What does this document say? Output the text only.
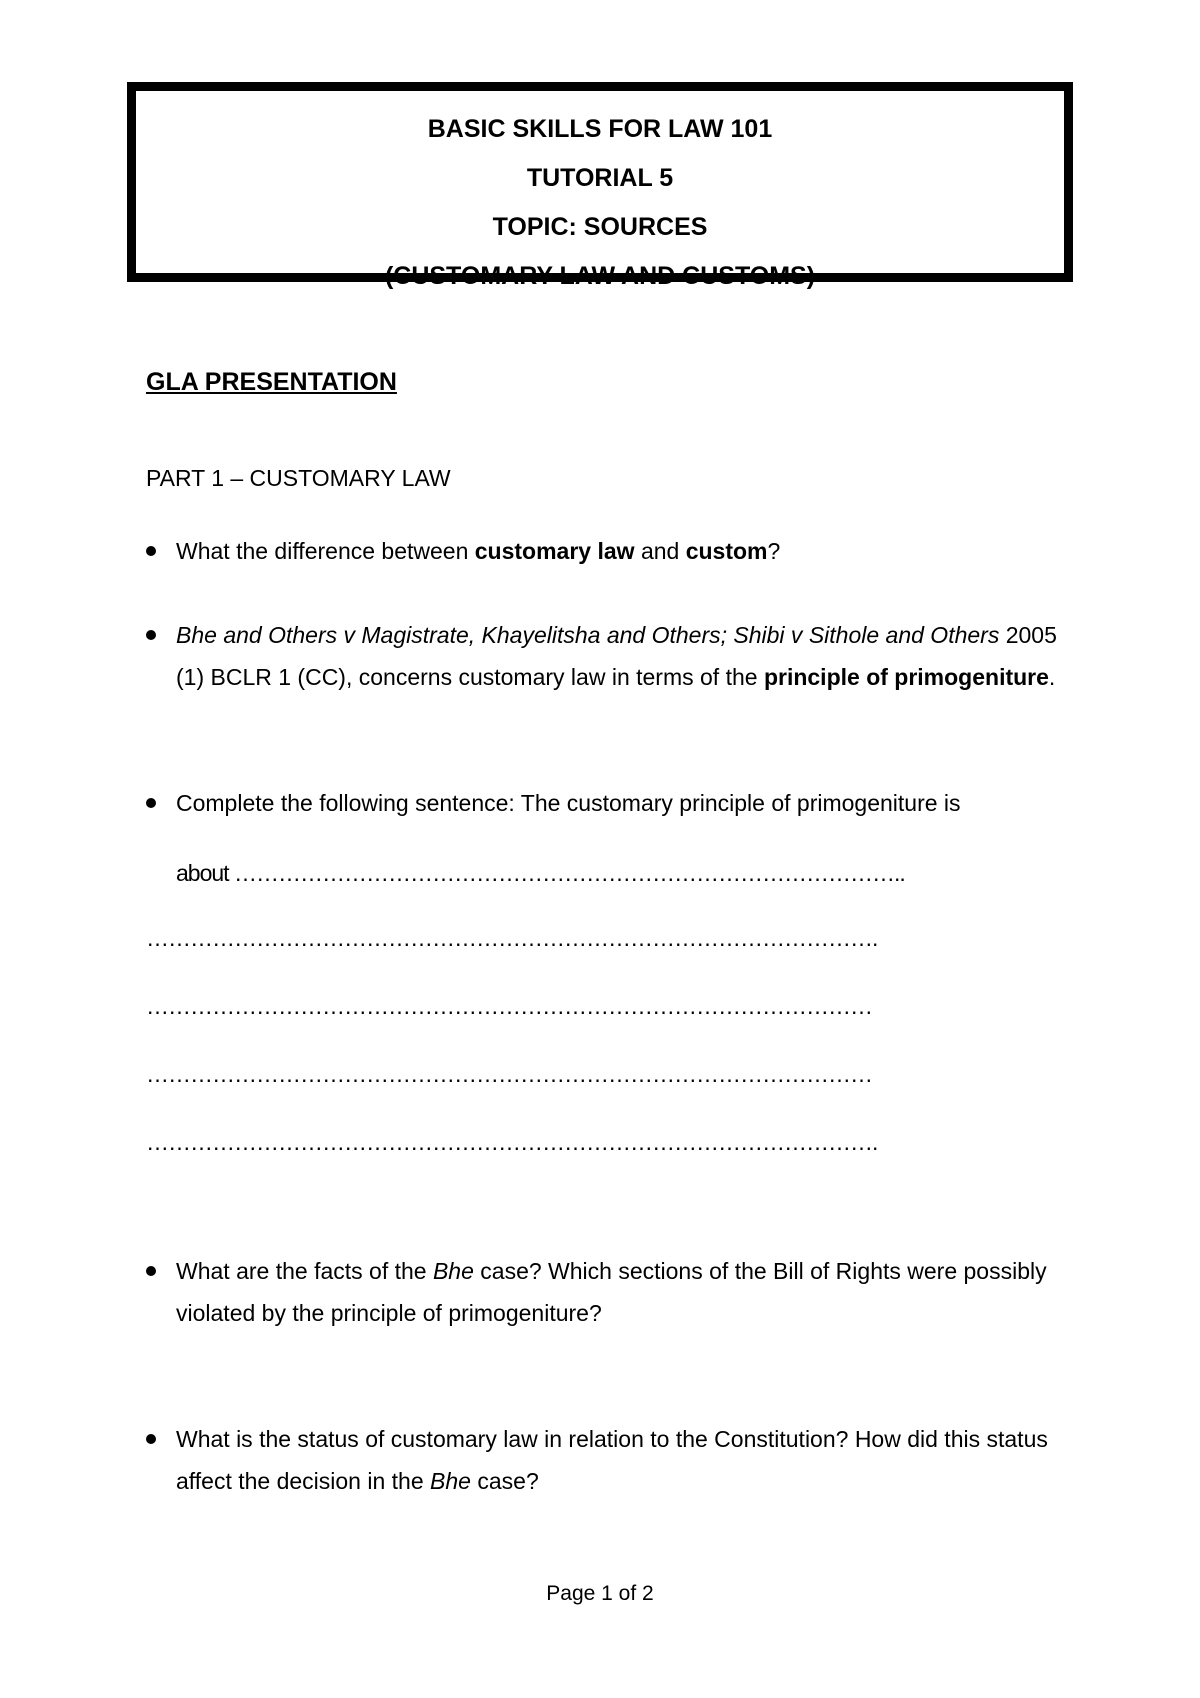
BASIC SKILLS FOR LAW 101
TUTORIAL 5
TOPIC: SOURCES
(CUSTOMARY LAW AND CUSTOMS)
GLA PRESENTATION
PART 1 – CUSTOMARY LAW
What the difference between customary law and custom?
Bhe and Others v Magistrate, Khayelitsha and Others; Shibi v Sithole and Others 2005 (1) BCLR 1 (CC), concerns customary law in terms of the principle of primogeniture.
Complete the following sentence: The customary principle of primogeniture is
about ………………………………………………………………………………..
……………………………………………………………………………………….
………………………………………………………………………………………
………………………………………………………………………………………
……………………………………………………………………………………….
What are the facts of the Bhe case? Which sections of the Bill of Rights were possibly violated by the principle of primogeniture?
What is the status of customary law in relation to the Constitution? How did this status affect the decision in the Bhe case?
Page 1 of 2
